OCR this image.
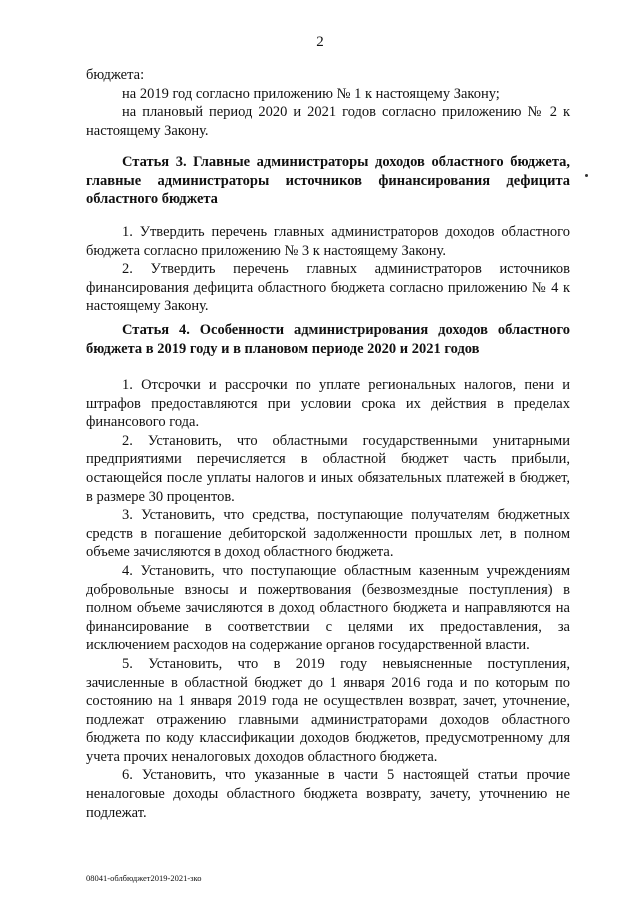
2

бюджета:

на 2019 год согласно приложению № 1 к настоящему Закону;

на плановый период 2020 и 2021 годов согласно приложению № 2 к настоящему Закону.

Статья 3. Главные администраторы доходов областного бюджета, главные администраторы источников финансирования дефицита областного бюджета

1. Утвердить перечень главных администраторов доходов областного бюджета согласно приложению № 3 к настоящему Закону.

2. Утвердить перечень главных администраторов источников финансирования дефицита областного бюджета согласно приложению № 4 к настоящему Закону.

Статья 4. Особенности администрирования доходов областного бюджета в 2019 году и в плановом периоде 2020 и 2021 годов

1. Отсрочки и рассрочки по уплате региональных налогов, пени и штрафов предоставляются при условии срока их действия в пределах финансового года.

2. Установить, что областными государственными унитарными предприятиями перечисляется в областной бюджет часть прибыли, остающейся после уплаты налогов и иных обязательных платежей в бюджет, в размере 30 процентов.

3. Установить, что средства, поступающие получателям бюджетных средств в погашение дебиторской задолженности прошлых лет, в полном объеме зачисляются в доход областного бюджета.

4. Установить, что поступающие областным казенным учреждениям добровольные взносы и пожертвования (безвозмездные поступления) в полном объеме зачисляются в доход областного бюджета и направляются на финансирование в соответствии с целями их предоставления, за исключением расходов на содержание органов государственной власти.

5. Установить, что в 2019 году невыясненные поступления, зачисленные в областной бюджет до 1 января 2016 года и по которым по состоянию на 1 января 2019 года не осуществлен возврат, зачет, уточнение, подлежат отражению главными администраторами доходов областного бюджета по коду классификации доходов бюджетов, предусмотренному для учета прочих неналоговых доходов областного бюджета.

6. Установить, что указанные в части 5 настоящей статьи прочие неналоговые доходы областного бюджета возврату, зачету, уточнению не подлежат.

08041-облбюджет2019-2021-зко
